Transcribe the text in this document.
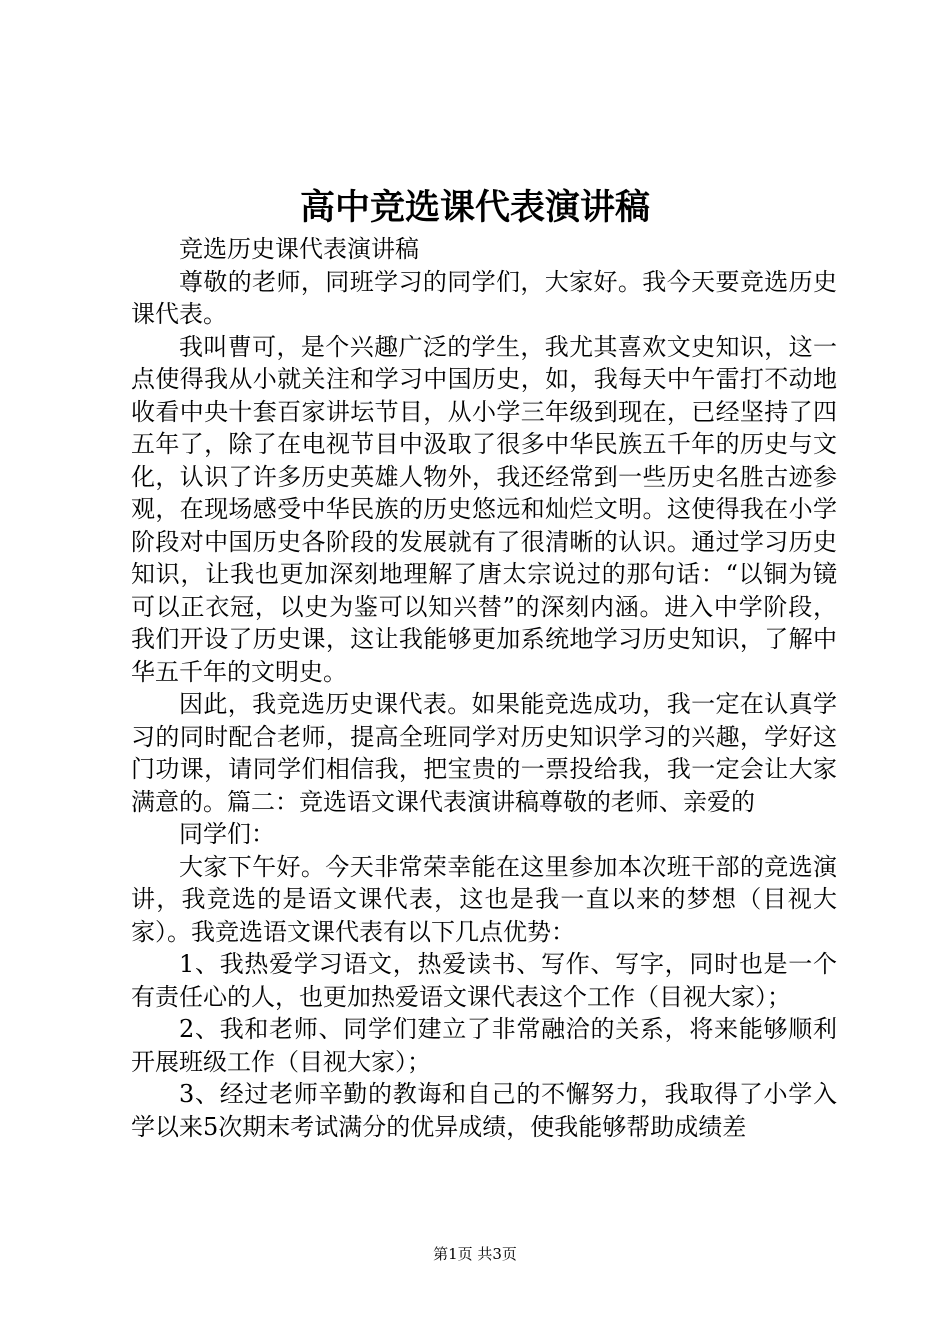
高中竞选课代表演讲稿

竞选历史课代表演讲稿

尊敬的老师，同班学习的同学们，大家好。我今天要竞选历史课代表。

我叫曹可，是个兴趣广泛的学生，我尤其喜欢文史知识，这一点使得我从小就关注和学习中国历史，如，我每天中午雷打不动地收看中央十套百家讲坛节目，从小学三年级到现在，已经坚持了四五年了，除了在电视节目中汲取了很多中华民族五千年的历史与文化，认识了许多历史英雄人物外，我还经常到一些历史名胜古迹参观，在现场感受中华民族的历史悠远和灿烂文明。这使得我在小学阶段对中国历史各阶段的发展就有了很清晰的认识。通过学习历史知识，让我也更加深刻地理解了唐太宗说过的那句话：“以铜为镜可以正衣冠，以史为鉴可以知兴替”的深刻内涵。进入中学阶段，我们开设了历史课，这让我能够更加系统地学习历史知识，了解中华五千年的文明史。

因此，我竞选历史课代表。如果能竞选成功，我一定在认真学习的同时配合老师，提高全班同学对历史知识学习的兴趣，学好这门功课，请同学们相信我，把宝贵的一票投给我，我一定会让大家满意的。篇二：竞选语文课代表演讲稿尊敬的老师、亲爱的

同学们：

大家下午好。今天非常荣幸能在这里参加本次班干部的竞选演讲，我竞选的是语文课代表，这也是我一直以来的梦想（目视大家）。我竞选语文课代表有以下几点优势：

1、我热爱学习语文，热爱读书、写作、写字，同时也是一个有责任心的人，也更加热爱语文课代表这个工作（目视大家）；

2、我和老师、同学们建立了非常融洽的关系，将来能够顺利开展班级工作（目视大家）；

3、经过老师辛勤的教诲和自己的不懈努力，我取得了小学入学以来5次期末考试满分的优异成绩，使我能够帮助成绩差

第1页 共3页
